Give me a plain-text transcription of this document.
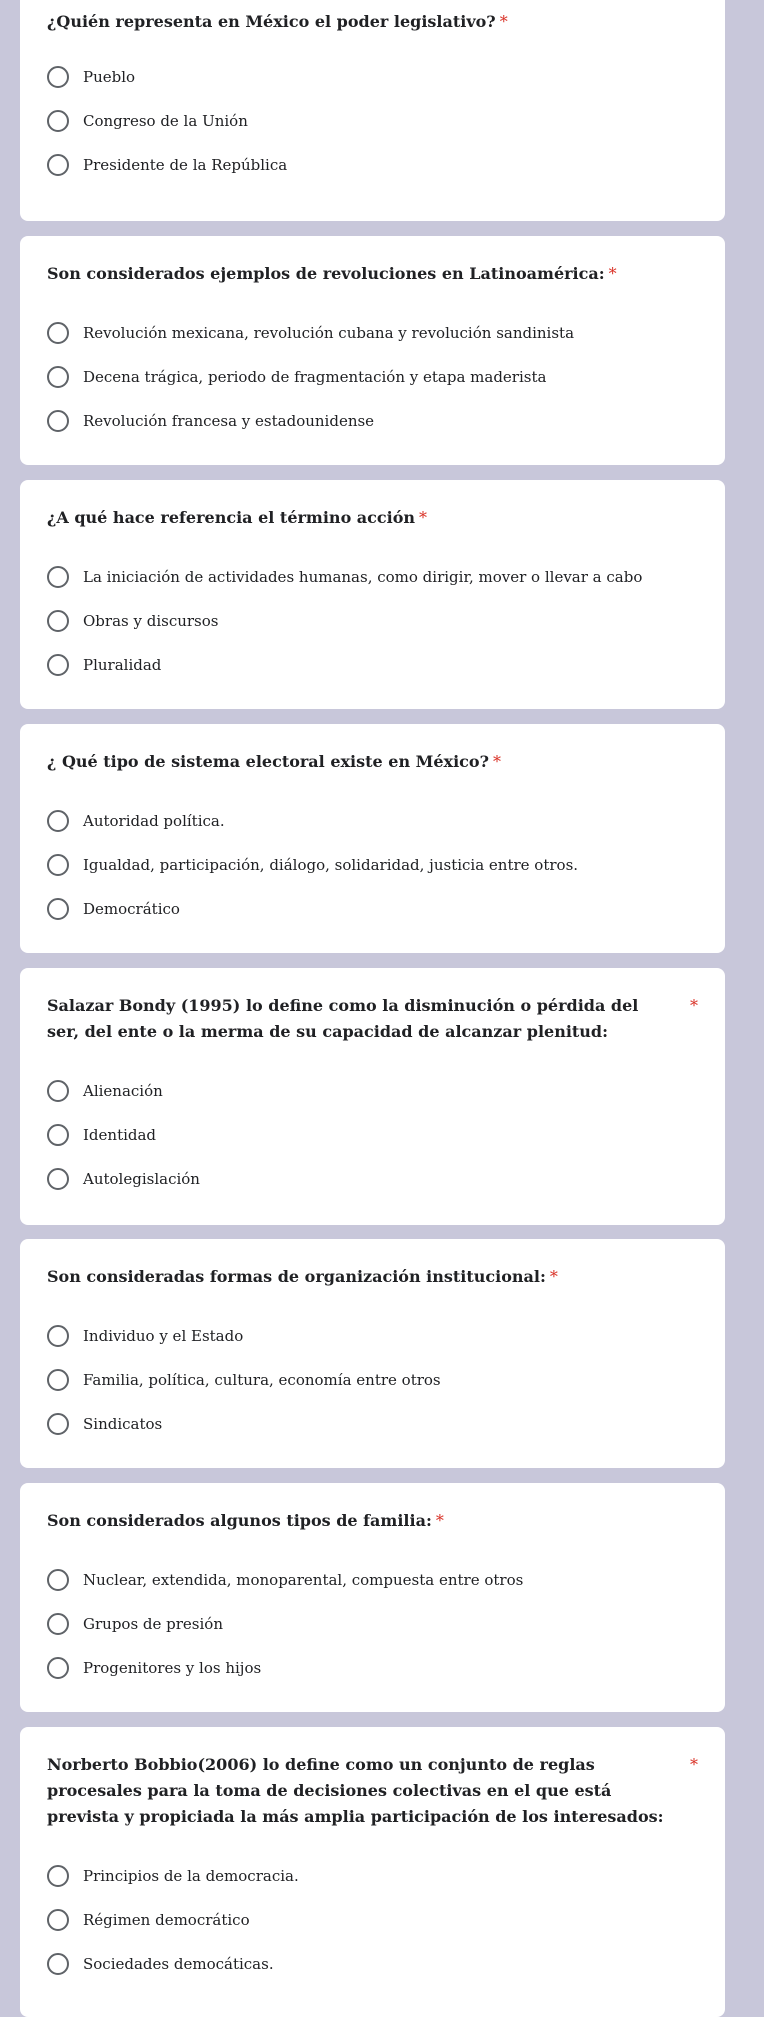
¿Quién representa en México el poder legislativo? *
Pueblo
Congreso de la Unión
Presidente de la República
Son considerados ejemplos de revoluciones en Latinoamérica: *
Revolución mexicana, revolución cubana y revolución sandinista
Decena trágica, periodo de fragmentación y etapa maderista
Revolución francesa y estadounidense
¿A qué hace referencia el término acción *
La iniciación de actividades humanas, como dirigir, mover o llevar a cabo
Obras y discursos
Pluralidad
¿ Qué tipo de sistema electoral existe en México? *
Autoridad política.
Igualdad, participación, diálogo, solidaridad, justicia entre otros.
Democrático
Salazar Bondy (1995) lo define como la disminución o pérdida del ser, del ente o la merma de su capacidad de alcanzar plenitud:
*
Alienación
Identidad
Autolegislación
Son consideradas formas de organización institucional: *
Individuo y el Estado
Familia, política, cultura, economía entre otros
Sindicatos
Son considerados algunos tipos de familia: *
Nuclear, extendida, monoparental, compuesta entre otros
Grupos de presión
Progenitores y los hijos
Norberto Bobbio(2006) lo define como un conjunto de reglas procesales para la toma de decisiones colectivas en el que está prevista y propiciada la más amplia participación de los interesados:
*
Principios de la democracia.
Régimen democrático
Sociedades democáticas.
